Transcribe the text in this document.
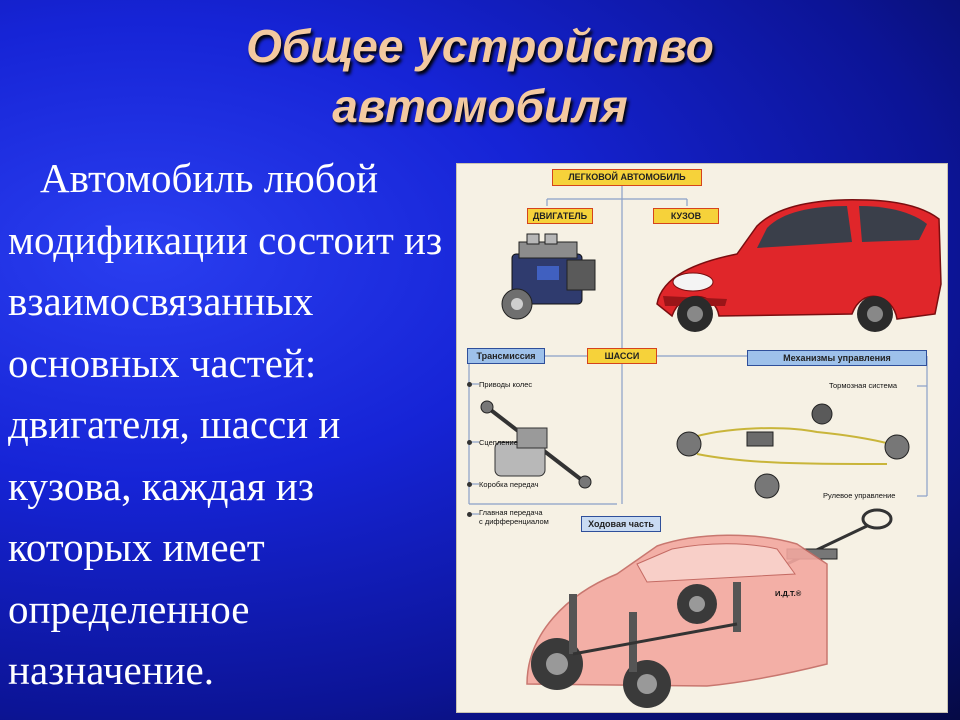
Общее устройство
автомобиля

Автомобиль любой модификации состоит из взаимосвязанных основных частей: двигателя, шасси и кузова, каждая из которых имеет определенное назначение.

ЛЕГКОВОЙ АВТОМОБИЛЬ
ДВИГАТЕЛЬ	КУЗОВ
ШАССИ
Трансмиссия	Механизмы управления
Ходовая часть
Тормозная система
Рулевое управление
Приводы колес
Сцепление
Коробка передач
Главная передача
с дифференциалом
И.Д.Т.®
